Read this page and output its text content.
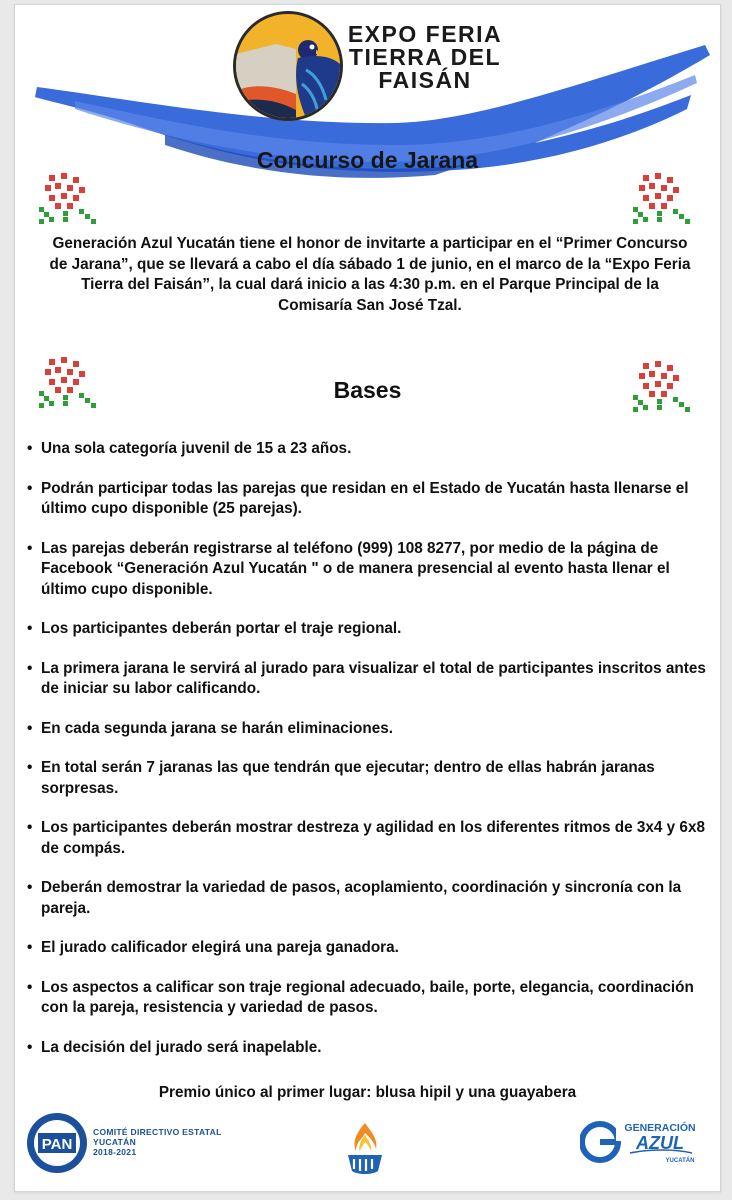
EXPO FERIA
TIERRA DEL
FAISÁN
Concurso de Jarana
Generación Azul Yucatán tiene el honor de invitarte a participar en el “Primer Concurso de Jarana”, que se llevará a cabo el día sábado 1 de junio, en el marco de la “Expo Feria Tierra del Faisán”, la cual dará inicio a las 4:30 p.m. en el Parque Principal de la Comisaría San José Tzal.
Bases
• Una sola categoría juvenil de 15 a 23 años.
• Podrán participar todas las parejas que residan en el Estado de Yucatán hasta llenarse el último cupo disponible (25 parejas).
• Las parejas deberán registrarse al teléfono (999) 108 8277, por medio de la página de Facebook “Generación Azul Yucatán " o de manera presencial al evento hasta llenar el último cupo disponible.
• Los participantes deberán portar el traje regional.
• La primera jarana le servirá al jurado para visualizar el total de participantes inscritos antes de iniciar su labor calificando.
• En cada segunda jarana se harán eliminaciones.
• En total serán 7 jaranas las que tendrán que ejecutar; dentro de ellas habrán jaranas sorpresas.
• Los participantes deberán mostrar destreza y agilidad en los diferentes ritmos de 3x4 y 6x8 de compás.
• Deberán demostrar la variedad de pasos, acoplamiento, coordinación y sincronía con la pareja.
• El jurado calificador elegirá una pareja ganadora.
• Los aspectos a calificar son traje regional adecuado, baile, porte, elegancia, coordinación con la pareja, resistencia y variedad de pasos.
• La decisión del jurado será inapelable.
Premio único al primer lugar: blusa hipil y una guayabera
PAN
COMITÉ DIRECTIVO ESTATAL
YUCATÁN
2018-2021
GENERACIÓN
AZUL
YUCATÁN
